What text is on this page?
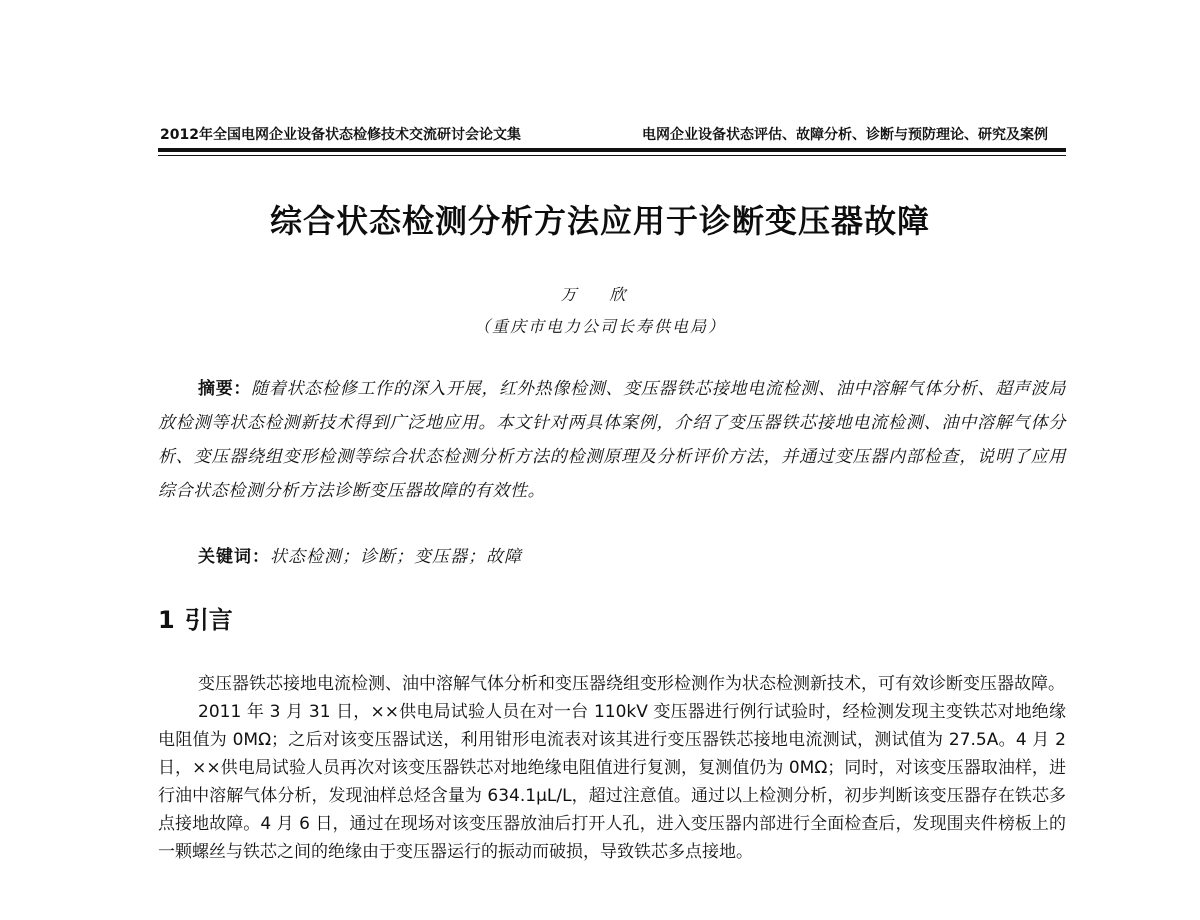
2012年全国电网企业设备状态检修技术交流研讨会论文集	电网企业设备状态评估、故障分析、诊断与预防理论、研究及案例
综合状态检测分析方法应用于诊断变压器故障
万 欣
（重庆市电力公司长寿供电局）
摘要：随着状态检修工作的深入开展，红外热像检测、变压器铁芯接地电流检测、油中溶解气体分析、超声波局放检测等状态检测新技术得到广泛地应用。本文针对两具体案例，介绍了变压器铁芯接地电流检测、油中溶解气体分析、变压器绕组变形检测等综合状态检测分析方法的检测原理及分析评价方法，并通过变压器内部检查，说明了应用综合状态检测分析方法诊断变压器故障的有效性。
关键词：状态检测；诊断；变压器；故障
1 引言

变压器铁芯接地电流检测、油中溶解气体分析和变压器绕组变形检测作为状态检测新技术，可有效诊断变压器故障。

2011 年 3 月 31 日，××供电局试验人员在对一台 110kV 变压器进行例行试验时，经检测发现主变铁芯对地绝缘电阻值为 0MΩ；之后对该变压器试送，利用钳形电流表对该其进行变压器铁芯接地电流测试，测试值为 27.5A。4 月 2 日，××供电局试验人员再次对该变压器铁芯对地绝缘电阻值进行复测，复测值仍为 0MΩ；同时，对该变压器取油样，进行油中溶解气体分析，发现油样总烃含量为 634.1μL/L，超过注意值。通过以上检测分析，初步判断该变压器存在铁芯多点接地故障。4 月 6 日，通过在现场对该变压器放油后打开人孔，进入变压器内部进行全面检查后，发现围夹件榜板上的一颗螺丝与铁芯之间的绝缘由于变压器运行的振动而破损，导致铁芯多点接地。
